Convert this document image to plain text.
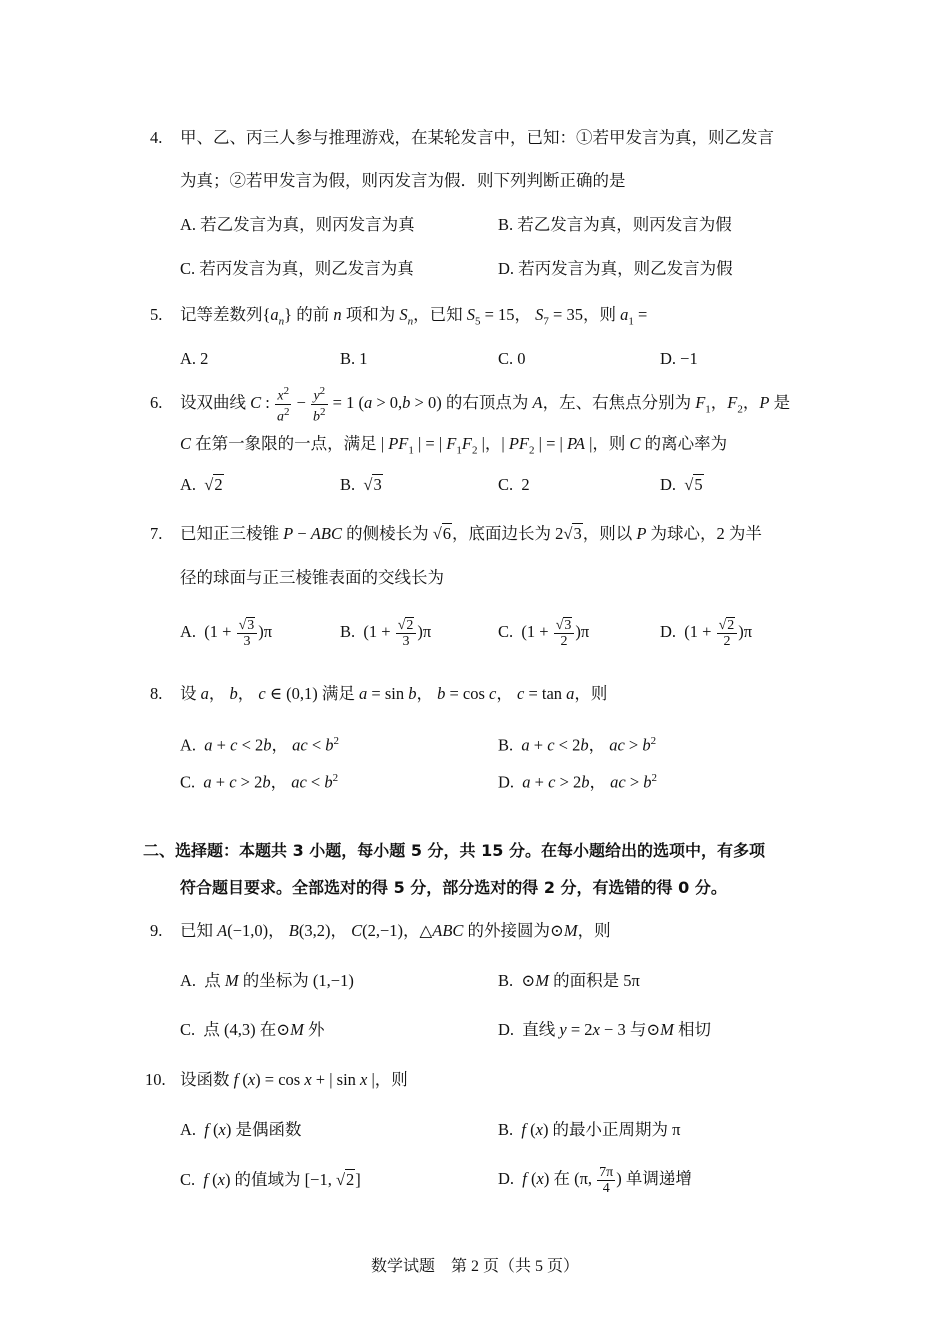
4. 甲、乙、丙三人参与推理游戏，在某轮发言中，已知：①若甲发言为真，则乙发言
为真；②若甲发言为假，则丙发言为假．则下列判断正确的是
A. 若乙发言为真，则丙发言为真	B. 若乙发言为真，则丙发言为假
C. 若丙发言为真，则乙发言为真	D. 若丙发言为真，则乙发言为假
5. 记等差数列$\{a_n\}$ 的前 n 项和为 $S_n$，已知 $S_5 = 15$， $S_7 = 35$，则 $a_1$ =
A. 2	B. 1	C. 0	D. −1
6. 设双曲线 C : $\frac{x^2}{a^2} - \frac{y^2}{b^2} = 1$ (a > 0,b > 0) 的右顶点为 A，左、右焦点分别为 $F_1$，$F_2$，P 是
C 在第一象限的一点，满足 | $PF_1$ | = | $F_1F_2$ |，| $PF_2$ | = | PA |，则 C 的离心率为
A.  √2	B.  √3	C.  2	D.  √5
7. 已知正三棱锥 P − ABC 的侧棱长为 √6，底面边长为 2√3，则以 P 为球心，2 为半
径的球面与正三棱锥表面的交线长为
A.  $(1 + \frac{√3}{3} )\pi$	B.  $(1 + \frac{√2}{3} )\pi$	C.  $(1 + \frac{√3}{2} )\pi$	D.  $(1 + \frac{√2}{2} )\pi$
8. 设 a， b， c ∈ (0,1) 满足 a = sin b， b = cos c， c = tan a，则
A.  a + c < 2b， ac < $b^2$	B.  a + c < 2b， ac > $b^2$
C.  a + c > 2b， ac < $b^2$	D.  a + c > 2b， ac > $b^2$
二、选择题：本题共 3 小题，每小题 5 分，共 15 分。在每小题给出的选项中，有多项
符合题目要求。全部选对的得 5 分，部分选对的得 2 分，有选错的得 0 分。
9. 已知 A(−1,0)， B(3,2)， C(2,−1)，△ABC 的外接圆为⊙M，则
A.  点 M 的坐标为 (1,−1)	B.  ⊙M 的面积是 5π
C.  点 (4,3) 在⊙M 外	D.  直线 y = 2x − 3 与⊙M 相切
10. 设函数 f (x) = cos x + | sin x |，则
A.  f (x) 是偶函数	B.  f (x) 的最小正周期为 π
C.  f (x) 的值域为 [−1, √2]	D.  f (x) 在 (π, $\frac{7\pi}{4}$ ) 单调递增
数学试题　第 2 页（共 5 页）
